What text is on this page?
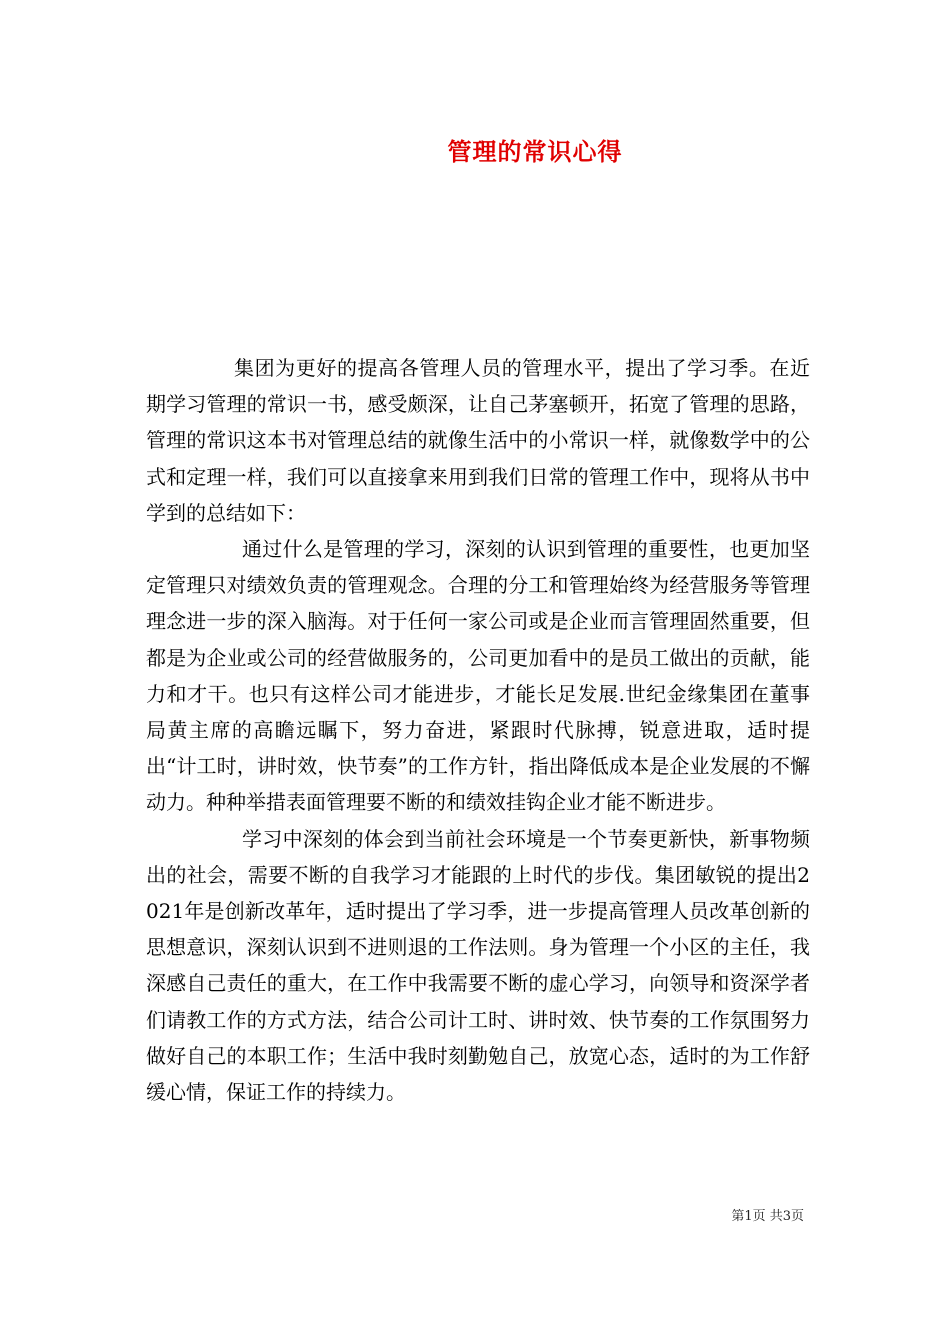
管理的常识心得

集团为更好的提高各管理人员的管理水平，提出了学习季。在近期学习管理的常识一书，感受颇深，让自己茅塞顿开，拓宽了管理的思路，管理的常识这本书对管理总结的就像生活中的小常识一样，就像数学中的公式和定理一样，我们可以直接拿来用到我们日常的管理工作中，现将从书中学到的总结如下：

通过什么是管理的学习，深刻的认识到管理的重要性，也更加坚定管理只对绩效负责的管理观念。合理的分工和管理始终为经营服务等管理理念进一步的深入脑海。对于任何一家公司或是企业而言管理固然重要，但都是为企业或公司的经营做服务的，公司更加看中的是员工做出的贡献，能力和才干。也只有这样公司才能进步，才能长足发展.世纪金缘集团在董事局黄主席的高瞻远瞩下，努力奋进，紧跟时代脉搏，锐意进取，适时提出“计工时，讲时效，快节奏”的工作方针，指出降低成本是企业发展的不懈动力。种种举措表面管理要不断的和绩效挂钩企业才能不断进步。

学习中深刻的体会到当前社会环境是一个节奏更新快，新事物频出的社会，需要不断的自我学习才能跟的上时代的步伐。集团敏锐的提出2021年是创新改革年，适时提出了学习季，进一步提高管理人员改革创新的思想意识，深刻认识到不进则退的工作法则。身为管理一个小区的主任，我深感自己责任的重大，在工作中我需要不断的虚心学习，向领导和资深学者们请教工作的方式方法，结合公司计工时、讲时效、快节奏的工作氛围努力做好自己的本职工作；生活中我时刻勤勉自己，放宽心态，适时的为工作舒缓心情，保证工作的持续力。

第1页 共3页
